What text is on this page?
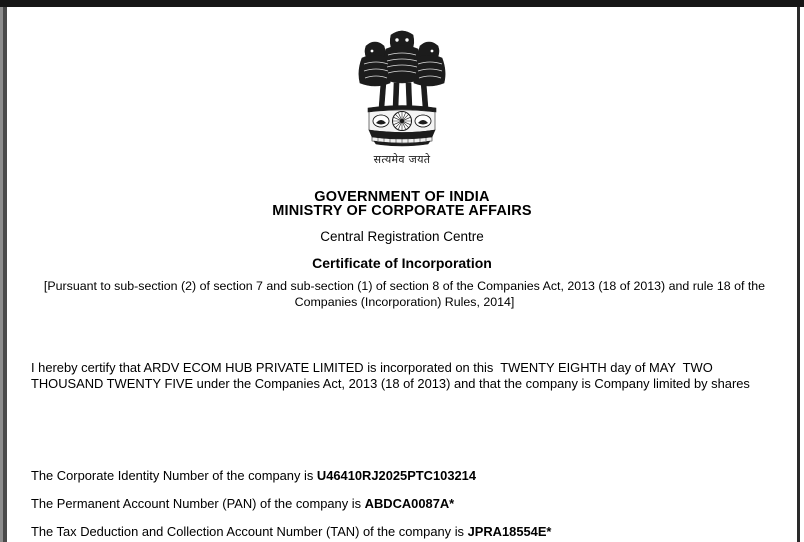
सत्यमेव जयते
GOVERNMENT OF INDIA
MINISTRY OF CORPORATE AFFAIRS
Central Registration Centre
Certificate of Incorporation
[Pursuant to sub-section (2) of section 7 and sub-section (1) of section 8 of the Companies Act, 2013 (18 of 2013) and rule 18 of the Companies (Incorporation) Rules, 2014]
I hereby certify that ARDV ECOM HUB PRIVATE LIMITED is incorporated on this  TWENTY EIGHTH day of MAY  TWO THOUSAND TWENTY FIVE under the Companies Act, 2013 (18 of 2013) and that the company is Company limited by shares
The Corporate Identity Number of the company is U46410RJ2025PTC103214
The Permanent Account Number (PAN) of the company is ABDCA0087A*
The Tax Deduction and Collection Account Number (TAN) of the company is JPRA18554E*
